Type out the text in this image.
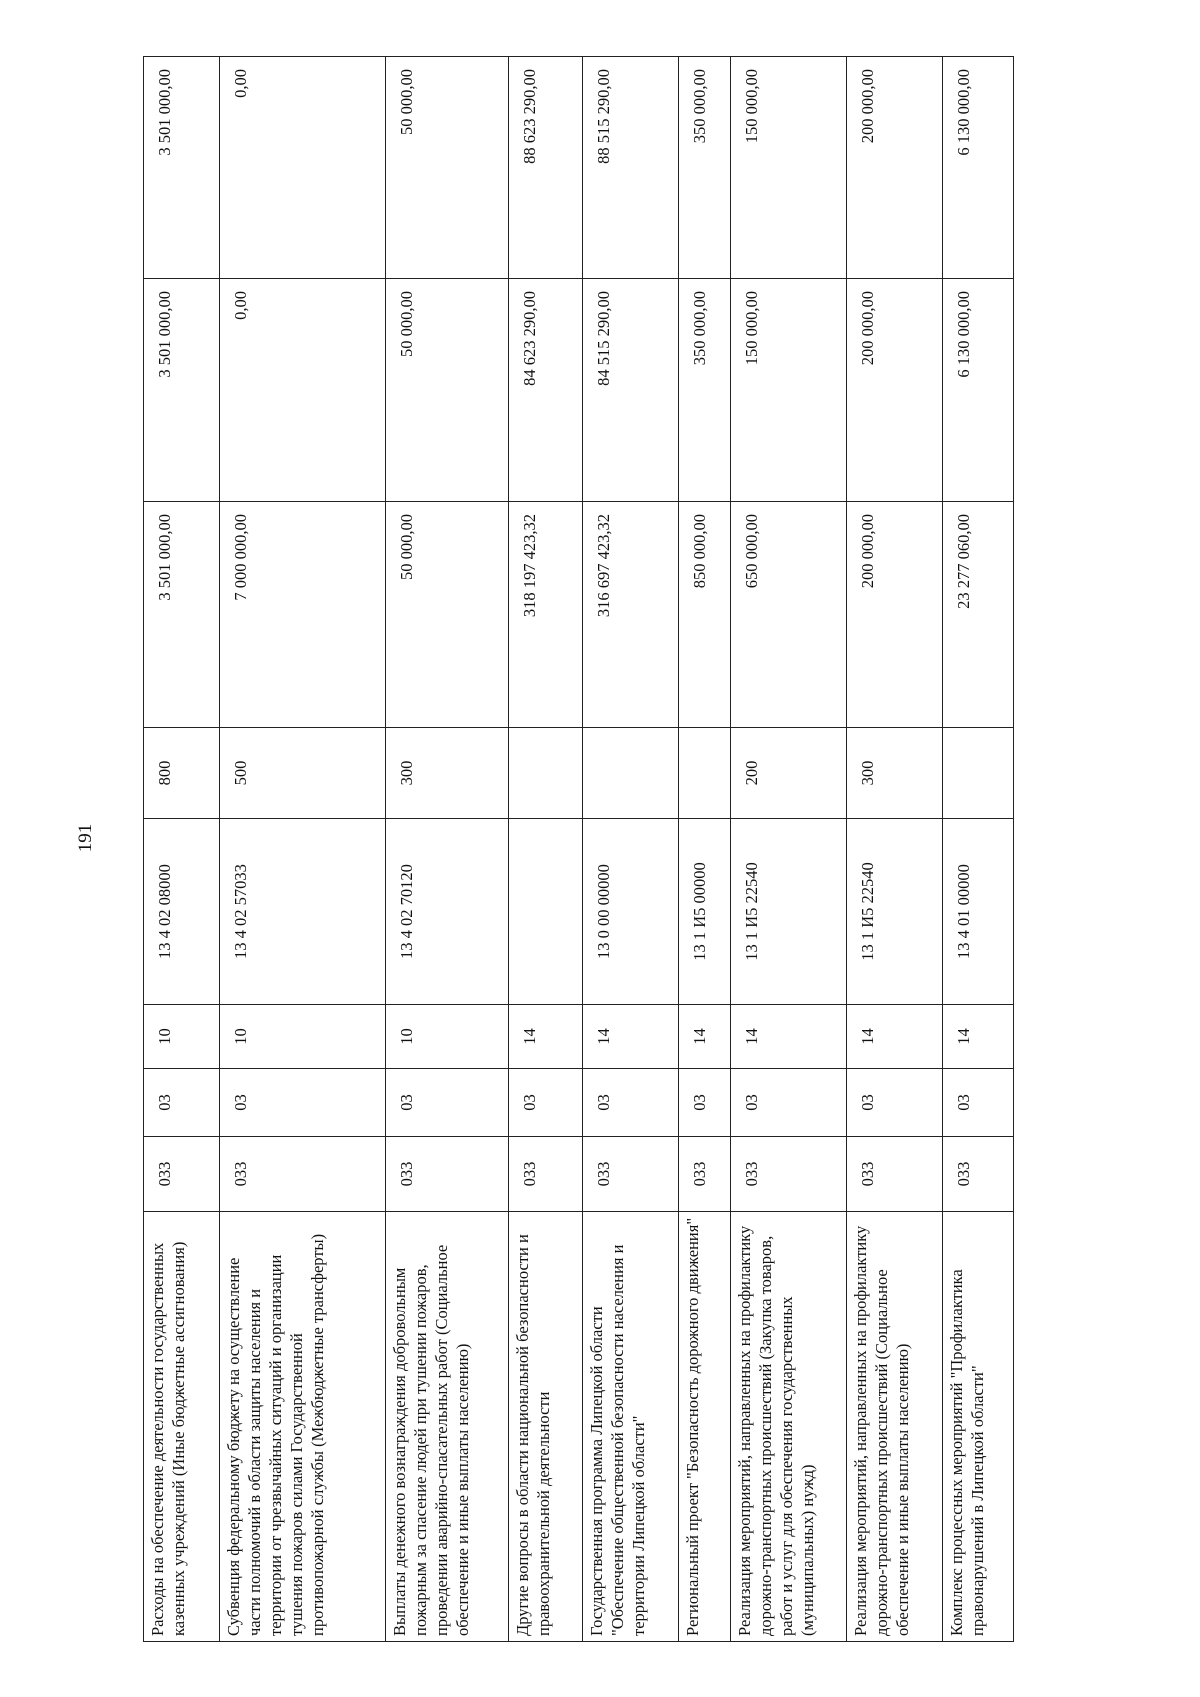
191
Расходы на обеспечение деятельности государственных казенных учреждений (Иные бюджетные ассигнования)	033	03	10	13 4 02 08000	800	3 501 000,00	3 501 000,00	3 501 000,00
Субвенция федеральному бюджету на осуществление части полномочий в области защиты населения и территории от чрезвычайных ситуаций и организации тушения пожаров силами Государственной противопожарной службы (Межбюджетные трансферты)	033	03	10	13 4 02 57033	500	7 000 000,00	0,00	0,00
Выплаты денежного вознаграждения добровольным пожарным за спасение людей при тушении пожаров, проведении аварийно-спасательных работ (Социальное обеспечение и иные выплаты населению)	033	03	10	13 4 02 70120	300	50 000,00	50 000,00	50 000,00
Другие вопросы в области национальной безопасности и правоохранительной деятельности	033	03	14			318 197 423,32	84 623 290,00	88 623 290,00
Государственная программа Липецкой области "Обеспечение общественной безопасности населения и территории Липецкой области"	033	03	14	13 0 00 00000		316 697 423,32	84 515 290,00	88 515 290,00
Региональный проект "Безопасность дорожного движения"	033	03	14	13 1 И5 00000		850 000,00	350 000,00	350 000,00
Реализация мероприятий, направленных на профилактику дорожно-транспортных происшествий (Закупка товаров, работ и услуг для обеспечения государственных (муниципальных) нужд)	033	03	14	13 1 И5 22540	200	650 000,00	150 000,00	150 000,00
Реализация мероприятий, направленных на профилактику дорожно-транспортных происшествий (Социальное обеспечение и иные выплаты населению)	033	03	14	13 1 И5 22540	300	200 000,00	200 000,00	200 000,00
Комплекс процессных мероприятий "Профилактика правонарушений в Липецкой области"	033	03	14	13 4 01 00000		23 277 060,00	6 130 000,00	6 130 000,00
